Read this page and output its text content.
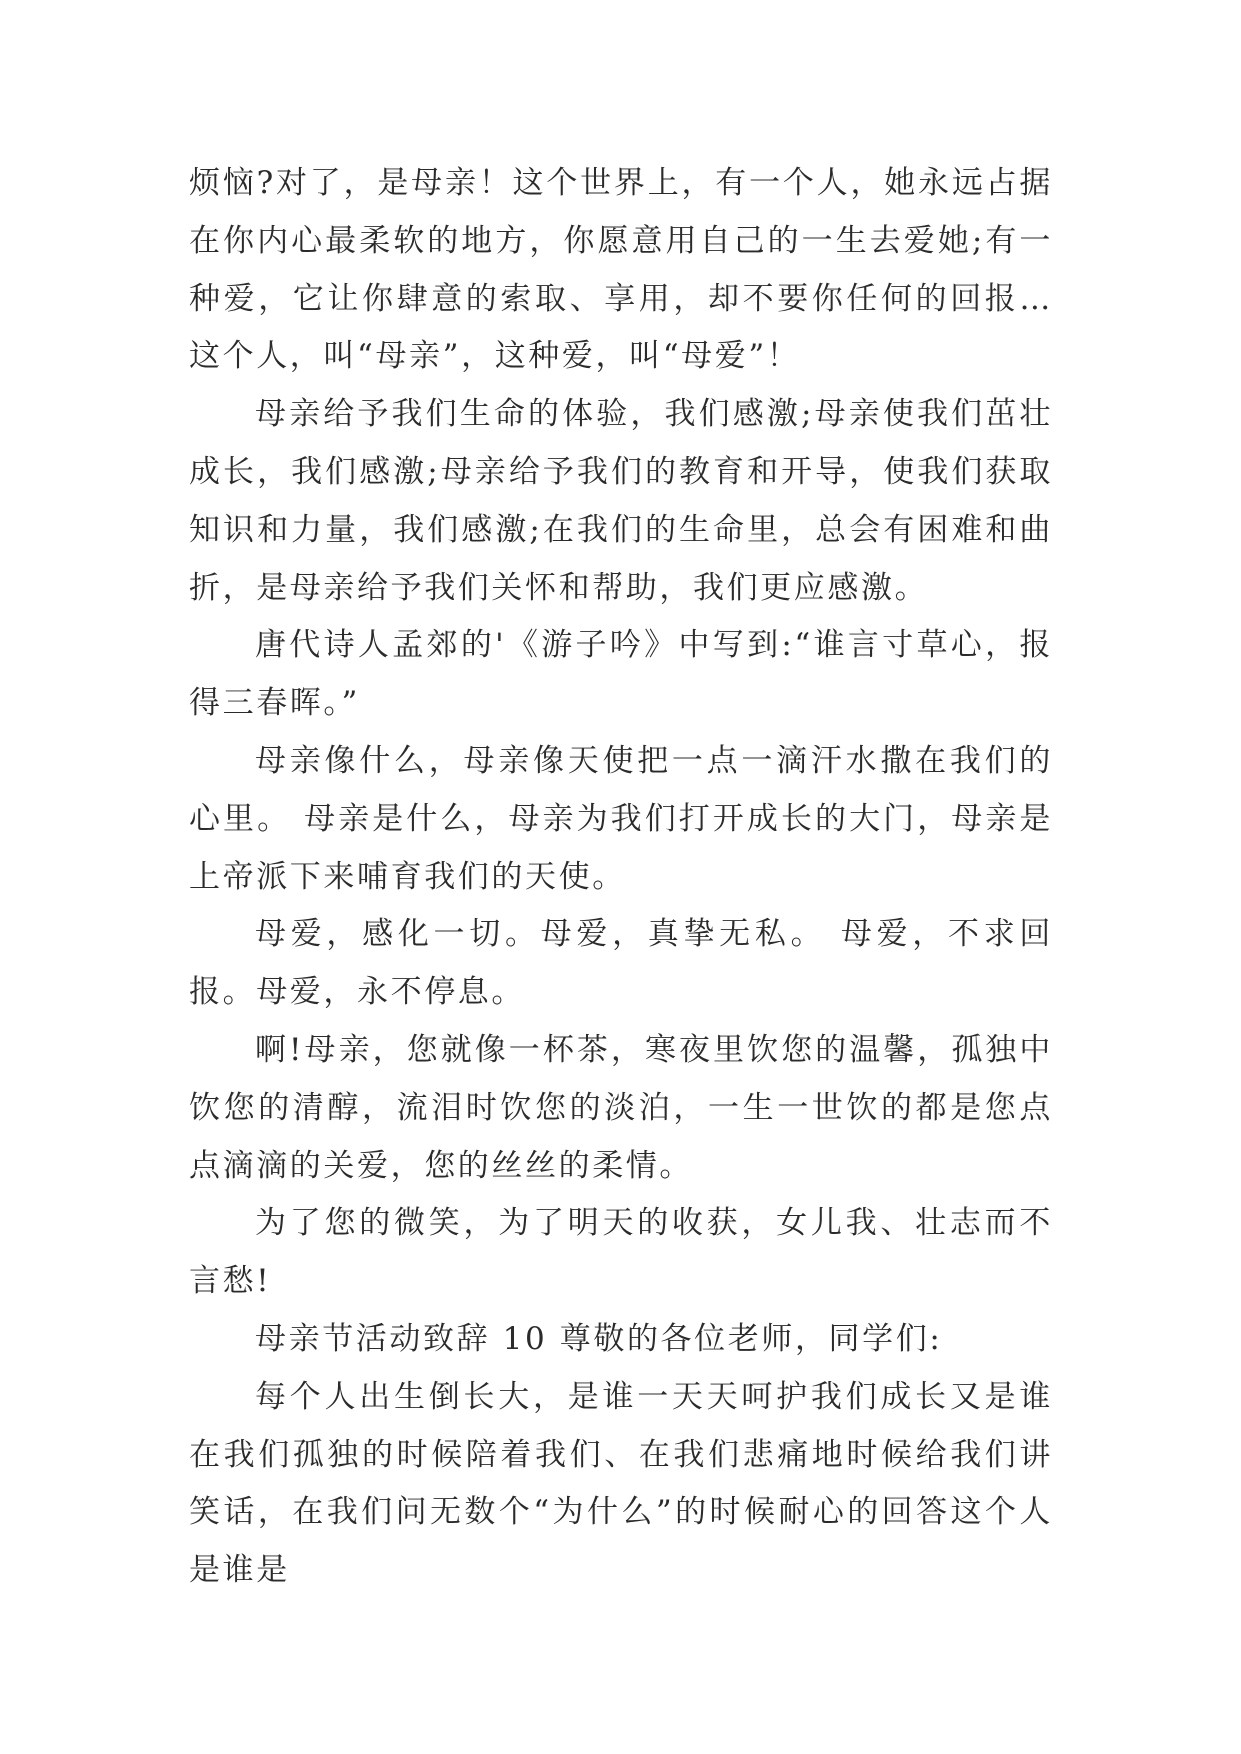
烦恼?对了，是母亲！这个世界上，有一个人，她永远占据在你内心最柔软的地方，你愿意用自己的一生去爱她;有一种爱，它让你肆意的索取、享用，却不要你任何的回报…这个人，叫“母亲”，这种爱，叫“母爱”！

母亲给予我们生命的体验，我们感激;母亲使我们茁壮成长，我们感激;母亲给予我们的教育和开导，使我们获取知识和力量，我们感激;在我们的生命里，总会有困难和曲折，是母亲给予我们关怀和帮助，我们更应感激。

唐代诗人孟郊的'《游子吟》中写到:“谁言寸草心，报得三春晖。”

母亲像什么，母亲像天使把一点一滴汗水撒在我们的心里。 母亲是什么，母亲为我们打开成长的大门，母亲是上帝派下来哺育我们的天使。

母爱，感化一切。母爱，真挚无私。 母爱，不求回报。母爱，永不停息。

啊!母亲，您就像一杯茶，寒夜里饮您的温馨，孤独中饮您的清醇，流泪时饮您的淡泊，一生一世饮的都是您点点滴滴的关爱，您的丝丝的柔情。

为了您的微笑，为了明天的收获，女儿我、壮志而不言愁!

母亲节活动致辞 10 尊敬的各位老师，同学们:

每个人出生倒长大，是谁一天天呵护我们成长又是谁在我们孤独的时候陪着我们、在我们悲痛地时候给我们讲笑话，在我们问无数个“为什么”的时候耐心的回答这个人是谁是
